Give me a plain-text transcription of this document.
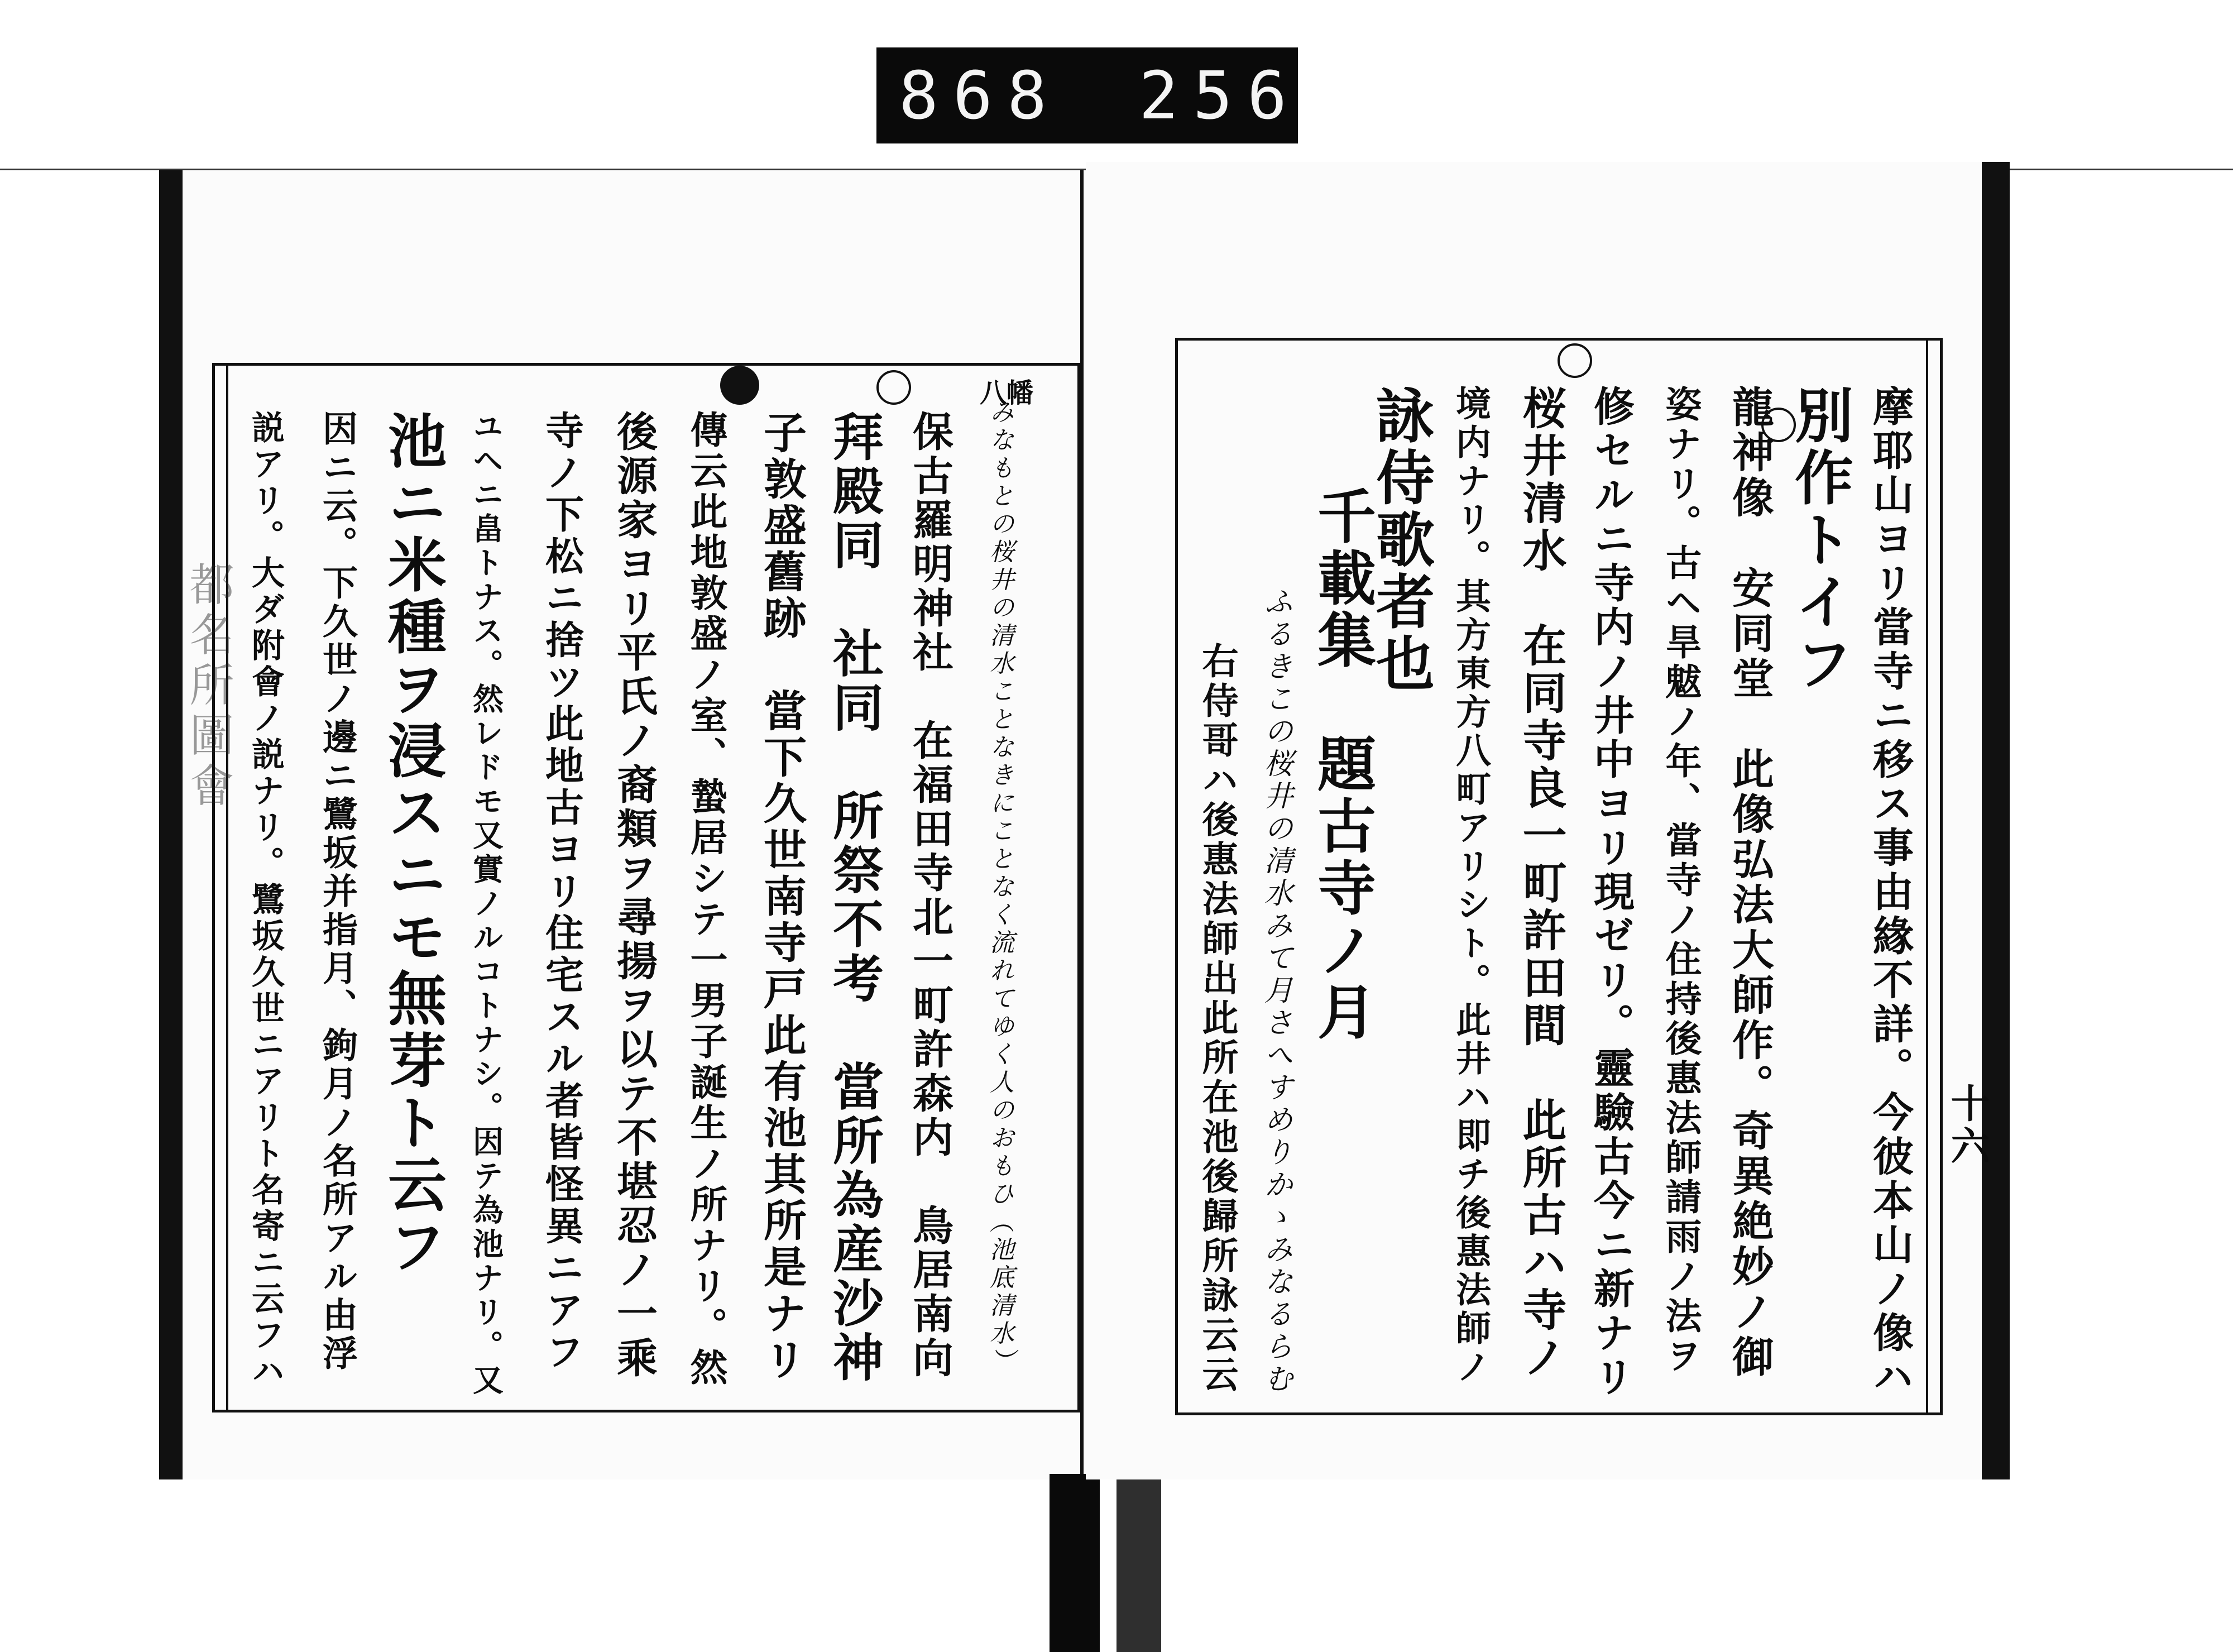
868 256
都名所圖會
八幡
みなもとの桜井の清水ことなきにことなく流れてゆく人のおもひ（池底清水）
保古羅明神社　在福田寺北一町許森内　鳥居南向
拜殿同　社同　所祭不考　當所為産沙神
子敦盛舊跡　當下久世南寺戸此有池其所是ナリ
傳云此地敦盛ノ室、蟄居シテ一男子誕生ノ所ナリ。然
後源家ヨリ平氏ノ裔類ヲ尋揚ヲ以テ不堪忍ノ一乘
寺ノ下松ニ捨ツ此地古ヨリ住宅スル者皆怪異ニアフ
ユヘニ畠トナス。然レドモ又實ノルコトナシ。因テ為池ナリ。又
池ニ米種ヲ浸スニモ無芽ト云フ
因ニ云。下久世ノ邊ニ鷺坂并指月、鉤月ノ名所アル由浮
説アリ。大ダ附會ノ説ナリ。鷺坂久世ニアリト名寄ニ云フハ	十六
摩耶山ヨリ當寺ニ移ス事由緣不詳。今彼本山ノ像ハ
別作トイフ
龍神像　安同堂　此像弘法大師作。奇異絶妙ノ御
姿ナリ。古ヘ旱魃ノ年、當寺ノ住持後惠法師請雨ノ法ヲ
修セルニ寺内ノ井中ヨリ現ゼリ。靈驗古今ニ新ナリ
桜井清水　在同寺良一町許田間　此所古ハ寺ノ
境内ナリ。其方東方八町アリシト。此井ハ即チ後惠法師ノ
詠侍歌者也
千載集　題古寺ノ月
ふるきこの桜井の清水みて月さへすめりかゝみなるらむ
右侍哥ハ後惠法師出此所在池後歸所詠云云
